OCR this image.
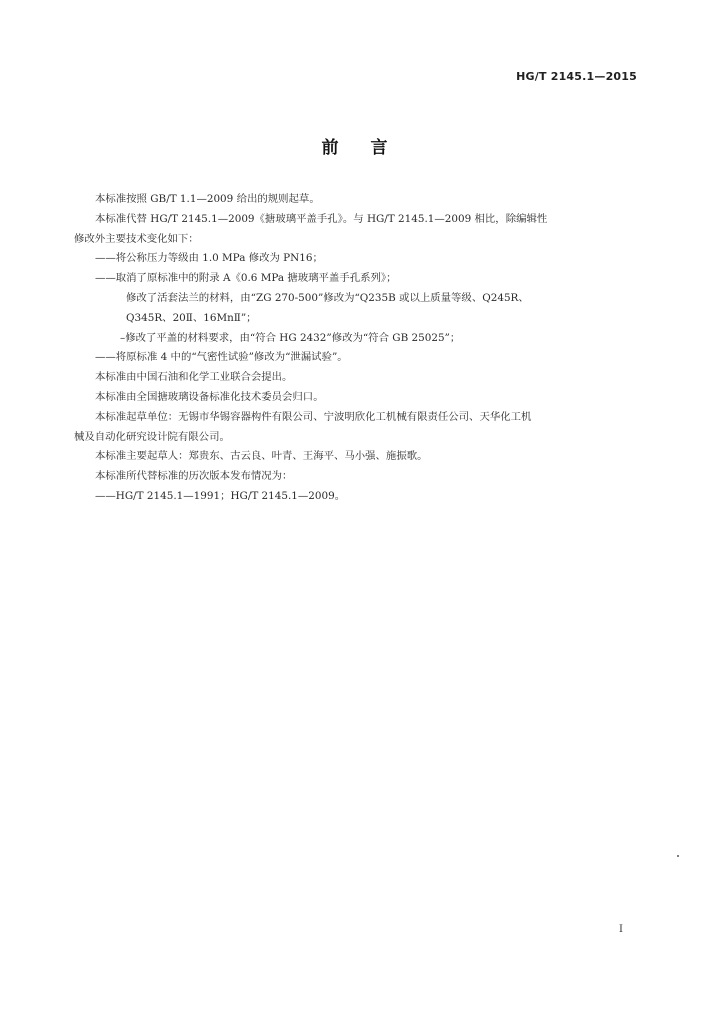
HG/T 2145.1—2015
前言

本标准按照 GB/T 1.1—2009 给出的规则起草。

本标准代替 HG/T 2145.1—2009《搪玻璃平盖手孔》。与 HG/T 2145.1—2009 相比，除编辑性

修改外主要技术变化如下：

——将公称压力等级由 1.0 MPa 修改为 PN16；

——取消了原标准中的附录 A《0.6 MPa 搪玻璃平盖手孔系列》；

修改了活套法兰的材料，由“ZG 270-500”修改为“Q235B 或以上质量等级、Q245R、

Q345R、20Ⅱ、16MnⅡ”；

–修改了平盖的材料要求，由“符合 HG 2432”修改为“符合 GB 25025”；

——将原标准 4 中的“气密性试验”修改为“泄漏试验”。

本标准由中国石油和化学工业联合会提出。

本标准由全国搪玻璃设备标准化技术委员会归口。

本标准起草单位：无锡市华锡容器构件有限公司、宁波明欣化工机械有限责任公司、天华化工机

械及自动化研究设计院有限公司。

本标准主要起草人：郑贵东、古云良、叶青、王海平、马小强、施振歌。

本标准所代替标准的历次版本发布情况为：

——HG/T 2145.1—1991；HG/T 2145.1—2009。

I
